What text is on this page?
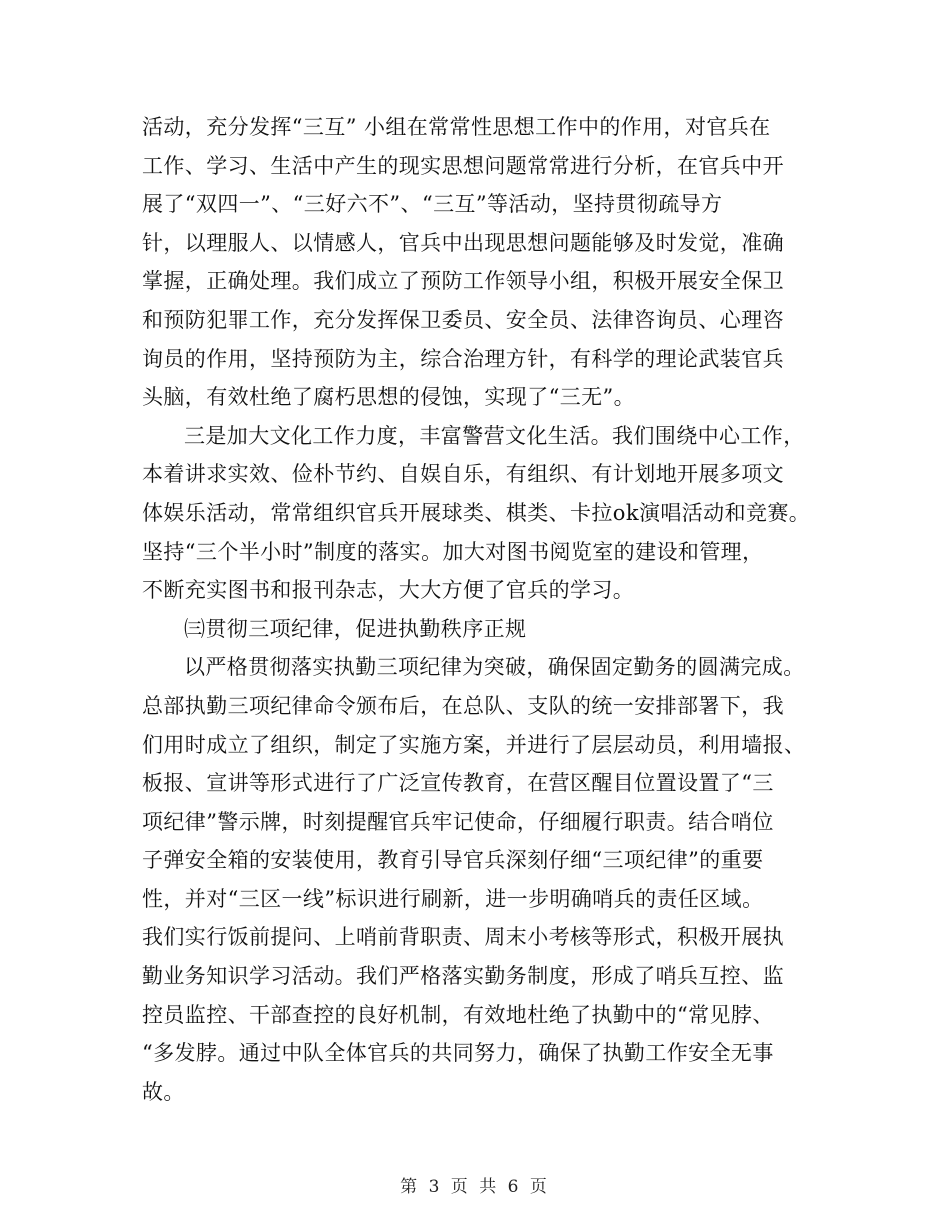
活动，充分发挥“三互” 小组在常常性思想工作中的作用，对官兵在
工作、学习、生活中产生的现实思想问题常常进行分析，在官兵中开
展了“双四一”、“三好六不”、“三互”等活动，坚持贯彻疏导方
针，以理服人、以情感人，官兵中出现思想问题能够及时发觉，准确
掌握，正确处理。我们成立了预防工作领导小组，积极开展安全保卫
和预防犯罪工作，充分发挥保卫委员、安全员、法律咨询员、心理咨
询员的作用，坚持预防为主，综合治理方针，有科学的理论武装官兵
头脑，有效杜绝了腐朽思想的侵蚀，实现了“三无”。
三是加大文化工作力度，丰富警营文化生活。我们围绕中心工作，
本着讲求实效、俭朴节约、自娱自乐，有组织、有计划地开展多项文
体娱乐活动，常常组织官兵开展球类、棋类、卡拉ok演唱活动和竞赛。
坚持“三个半小时”制度的落实。加大对图书阅览室的建设和管理，
不断充实图书和报刊杂志，大大方便了官兵的学习。
㈢贯彻三项纪律，促进执勤秩序正规
以严格贯彻落实执勤三项纪律为突破，确保固定勤务的圆满完成。
总部执勤三项纪律命令颁布后，在总队、支队的统一安排部署下，我
们用时成立了组织，制定了实施方案，并进行了层层动员，利用墙报、
板报、宣讲等形式进行了广泛宣传教育，在营区醒目位置设置了“三
项纪律”警示牌，时刻提醒官兵牢记使命，仔细履行职责。结合哨位
子弹安全箱的安装使用，教育引导官兵深刻仔细“三项纪律”的重要
性，并对“三区一线”标识进行刷新，进一步明确哨兵的责任区域。
我们实行饭前提问、上哨前背职责、周末小考核等形式，积极开展执
勤业务知识学习活动。我们严格落实勤务制度，形成了哨兵互控、监
控员监控、干部查控的良好机制，有效地杜绝了执勤中的“常见脖、
“多发脖。通过中队全体官兵的共同努力，确保了执勤工作安全无事
故。
第 3 页 共 6 页
